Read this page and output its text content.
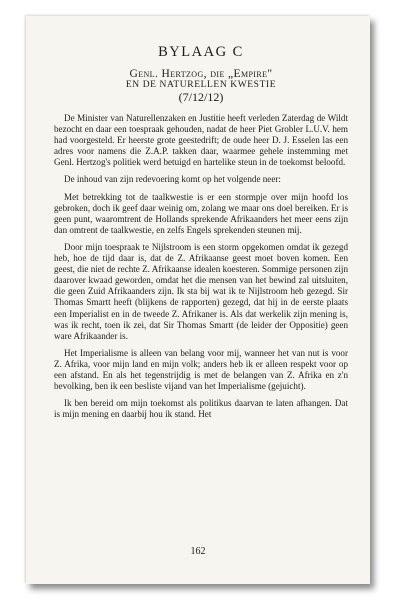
BYLAAG C
Genl. Hertzog, die „Empire"
EN DE NATURELLEN KWESTIE
(7/12/12)

De Minister van Naturellenzaken en Justitie heeft verleden Zaterdag de Wildt bezocht en daar een toespraak gehouden, nadat de heer Piet Grobler L.U.V. hem had voorgesteld. Er heerste grote geestedrift; de oude heer D. J. Esselen las een adres voor namens die Z.A.P. takken daar, waarmee gehele instemming met Genl. Hertzog's politiek werd betuigd en hartelike steun in de toekomst beloofd.

De inhoud van zijn redevoering komt op het volgende neer:

Met betrekking tot de taalkwestie is er een stormpje over mijn hoofd los gebroken, doch ik geef daar weinig om, zolang we maar ons doel bereiken. Er is geen punt, waaromtrent de Hollands sprekende Afrikaanders het meer eens zijn dan omtrent de taalkwestie, en zelfs Engels sprekenden steunen mij.

Door mijn toespraak te Nijlstroom is een storm opgekomen omdat ik gezegd heb, hoe de tijd daar is, dat de Z. Afrikaanse geest moet boven komen. Een geest, die niet de rechte Z. Afrikaanse idealen koesteren. Sommige personen zijn daarover kwaad geworden, omdat het die mensen van het bewind zal uitsluiten, die geen Zuid Afrikaanders zijn. Ik sta bij wat ik te Nijlstroom heb gezegd. Sir Thomas Smartt heeft (blijkens de rapporten) gezegd, dat hij in de eerste plaats een Imperialist en in de tweede Z. Afrikaner is. Als dat werkelik zijn mening is, was ik recht, toen ik zei, dat Sir Thomas Smartt (de leider der Oppositie) geen ware Afrikaander is.

Het Imperialisme is alleen van belang voor mij, wanneer het van nut is voor Z. Afrika, voor mijn land en mijn volk; anders heb ik er alleen respekt voor op een afstand. En als het tegenstrijdig is met de belangen van Z. Afrika en z'n bevolking, ben ik een besliste vijand van het Imperialisme (gejuicht).

Ik ben bereid om mijn toekomst als politikus daarvan te laten afhangen. Dat is mijn mening en daarbij hou ik stand. Het

162
